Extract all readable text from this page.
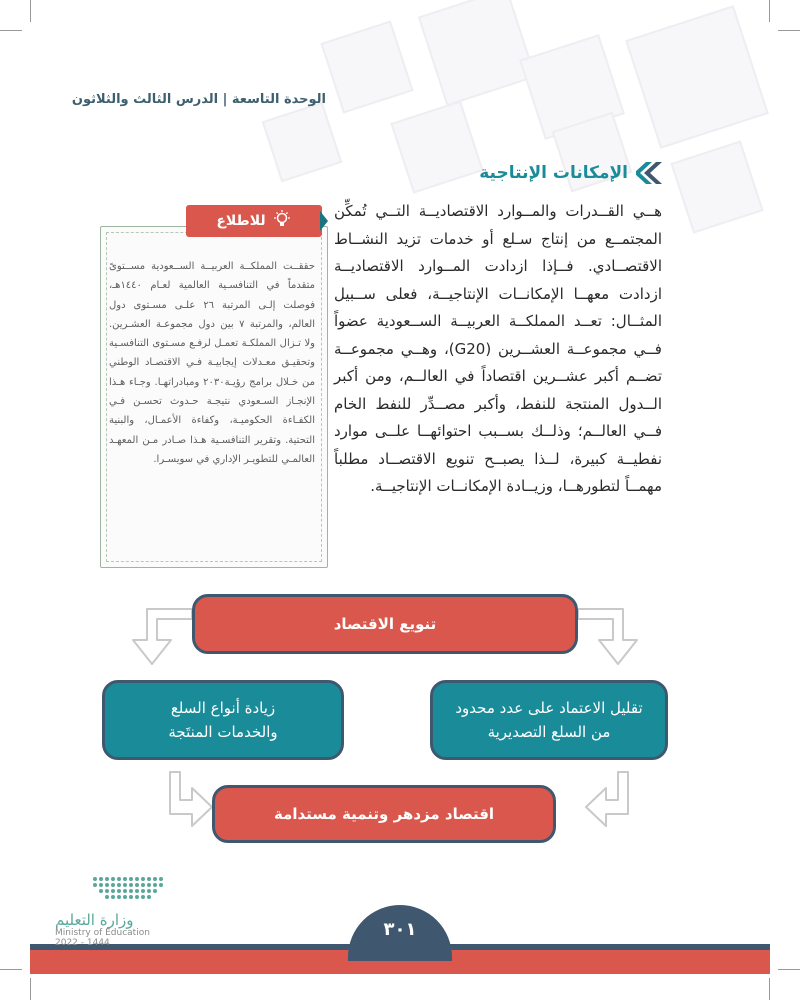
الوحدة التاسعة | الدرس الثالث والثلاثون
الإمكانات الإنتاجية
هــي القــدرات والمــوارد الاقتصاديــة التــي تُمكِّن المجتمــع من إنتاج سـلع أو خدمات تزيد النشــاط الاقتصــادي. فــإذا ازدادت المــوارد الاقتصاديــة ازدادت معهــا الإمكانــات الإنتاجيــة، فعلى ســبيل المثــال: تعــد المملكــة العربيــة الســعودية عضواً فــي مجموعــة العشــرين (G20)، وهــي مجموعــة تضــم أكبر عشــرين اقتصاداً في العالــم، ومن أكبر الــدول المنتجة للنفط، وأكبر مصــدِّر للنفط الخام فــي العالــم؛ وذلــك بســبب احتوائهــا علــى موارد نفطيــة كبيرة، لــذا يصبــح تنويع الاقتصــاد مطلباً مهمــاً لتطورهــا، وزيــادة الإمكانــات الإنتاجيــة.
حققــت المملكــة العربيــة الســعودية مســتوىً متقدماً في التنافسـية العالمية لعـام ١٤٤٠هـ، فوصلت إلـى المرتبة ٢٦ علـى مسـتوى دول العالم، والمرتبة ٧ بين دول مجموعـة العشـرين. ولا تـزال المملكـة تعمـل لرفـع مسـتوى التنافسـية وتحقيـق معـدلات إيجابيـة فـي الاقتصـاد الوطني من خـلال برامج رؤيـة٢٠٣٠ ومبادراتهـا. وجـاء هـذا الإنجـاز السـعودي نتيجـة حـدوث تحسـن فـي الكفـاءة الحكوميـة، وكفاءة الأعمـال، والبنية التحتية. وتقرير التنافسـية هـذا صـادر مـن المعهـد العالمـي للتطويـر الإداري في سويسـرا.
للاطلاع
تنويع الاقتصاد
تقليل الاعتماد على عدد محدود من السلع التصديرية
زيادة أنواع السلع والخدمات المنتَجة
اقتصاد مزدهر وتنمية مستدامة
٣٠١
وزارة التعليم
Ministry of Education
2022 - 1444
